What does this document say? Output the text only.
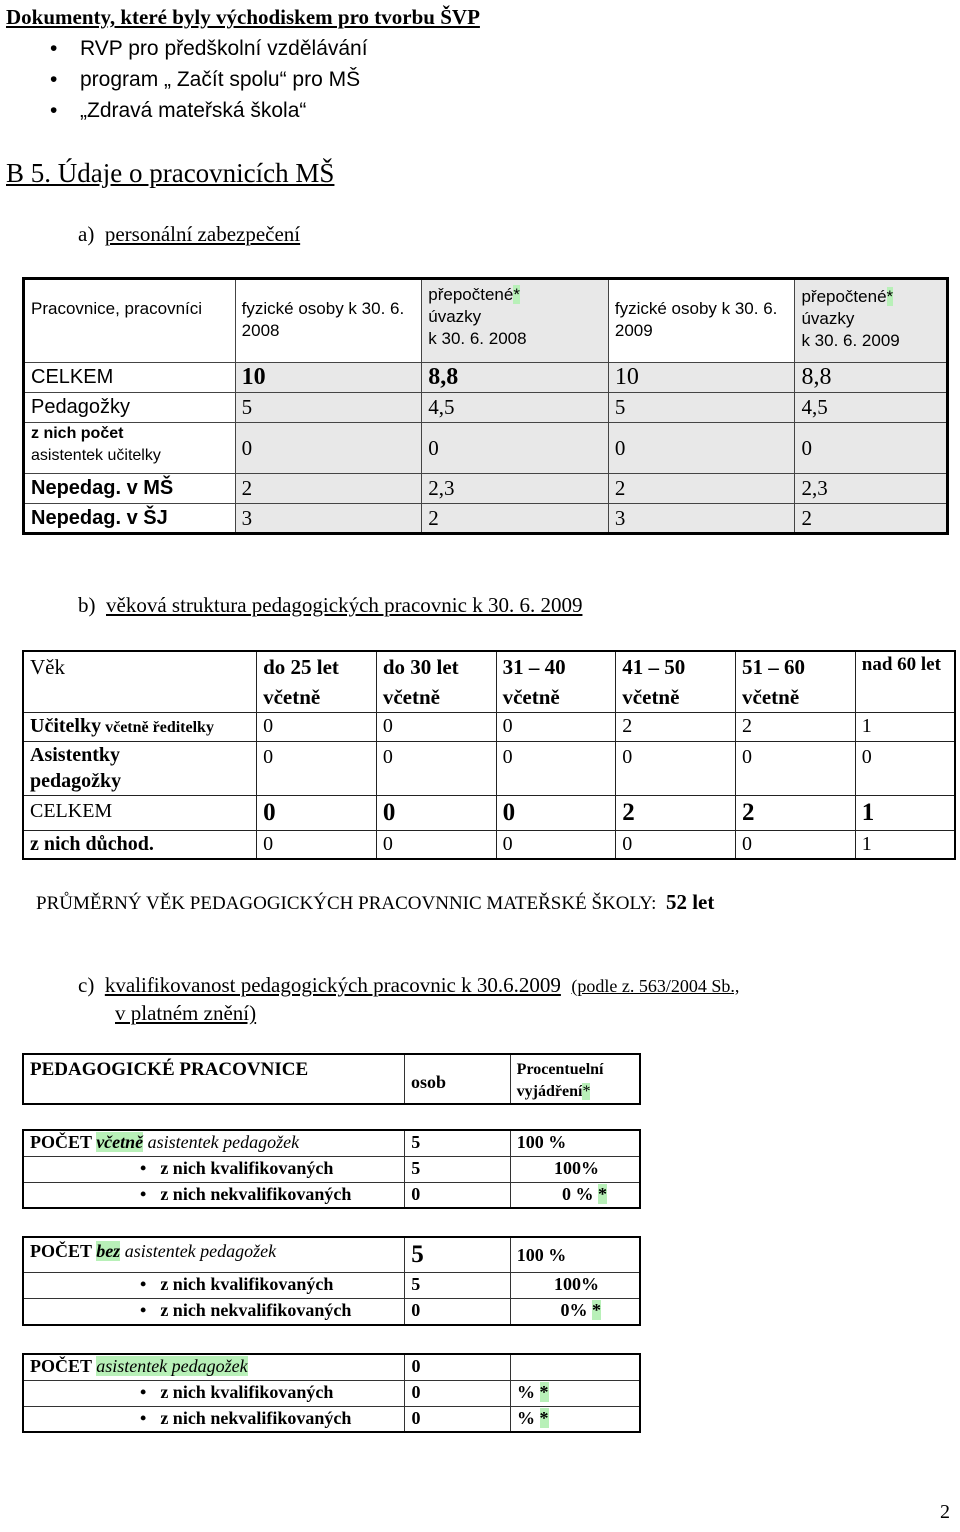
Dokumenty, které byly východiskem pro tvorbu ŠVP
• RVP pro předškolní vzdělávání
• program „ Začít spolu“ pro MŠ
• „Zdravá mateřská škola“
B 5. Údaje o pracovnicích MŠ
a) personální zabezpečení
Pracovnice, pracovníci	fyzické osoby k 30. 6. 2008	přepočtené*
úvazky
k 30. 6. 2008	fyzické osoby k 30. 6. 2009	přepočtené*
úvazky
k 30. 6. 2009
CELKEM	10	8,8	10	8,8
Pedagožky	5	4,5	5	4,5
z nich počet
asistentek učitelky	0	0	0	0
Nepedag. v MŠ	2	2,3	2	2,3
Nepedag. v ŠJ	3	2	3	2
b) věková struktura pedagogických pracovnic k 30. 6. 2009
Věk	do 25 let včetně	do 30 let včetně	31 – 40 včetně	41 – 50 včetně	51 – 60 včetně	nad 60 let
Učitelky včetně ředitelky	0	0	0	2	2	1
Asistentky pedagožky	0	0	0	0	0	0
CELKEM	0	0	0	2	2	1
z nich důchod.	0	0	0	0	0	1
PRŮMĚRNÝ VĚK PEDAGOGICKÝCH PRACOVNNIC MATEŘSKÉ ŠKOLY: 52 let
c) kvalifikovanost pedagogických pracovnic k 30.6.2009 (podle z. 563/2004 Sb.,
v platném znění)
PEDAGOGICKÉ PRACOVNICE	osob	Procentuelní vyjádření*
POČET včetně asistentek pedagožek	5	100 %
• z nich kvalifikovaných	5	100%
• z nich nekvalifikovaných	0	0 % *
POČET bez asistentek pedagožek	5	100 %
• z nich kvalifikovaných	5	100%
• z nich nekvalifikovaných	0	0% *
POČET asistentek pedagožek	0	
• z nich kvalifikovaných	0	% *
• z nich nekvalifikovaných	0	% *
2
